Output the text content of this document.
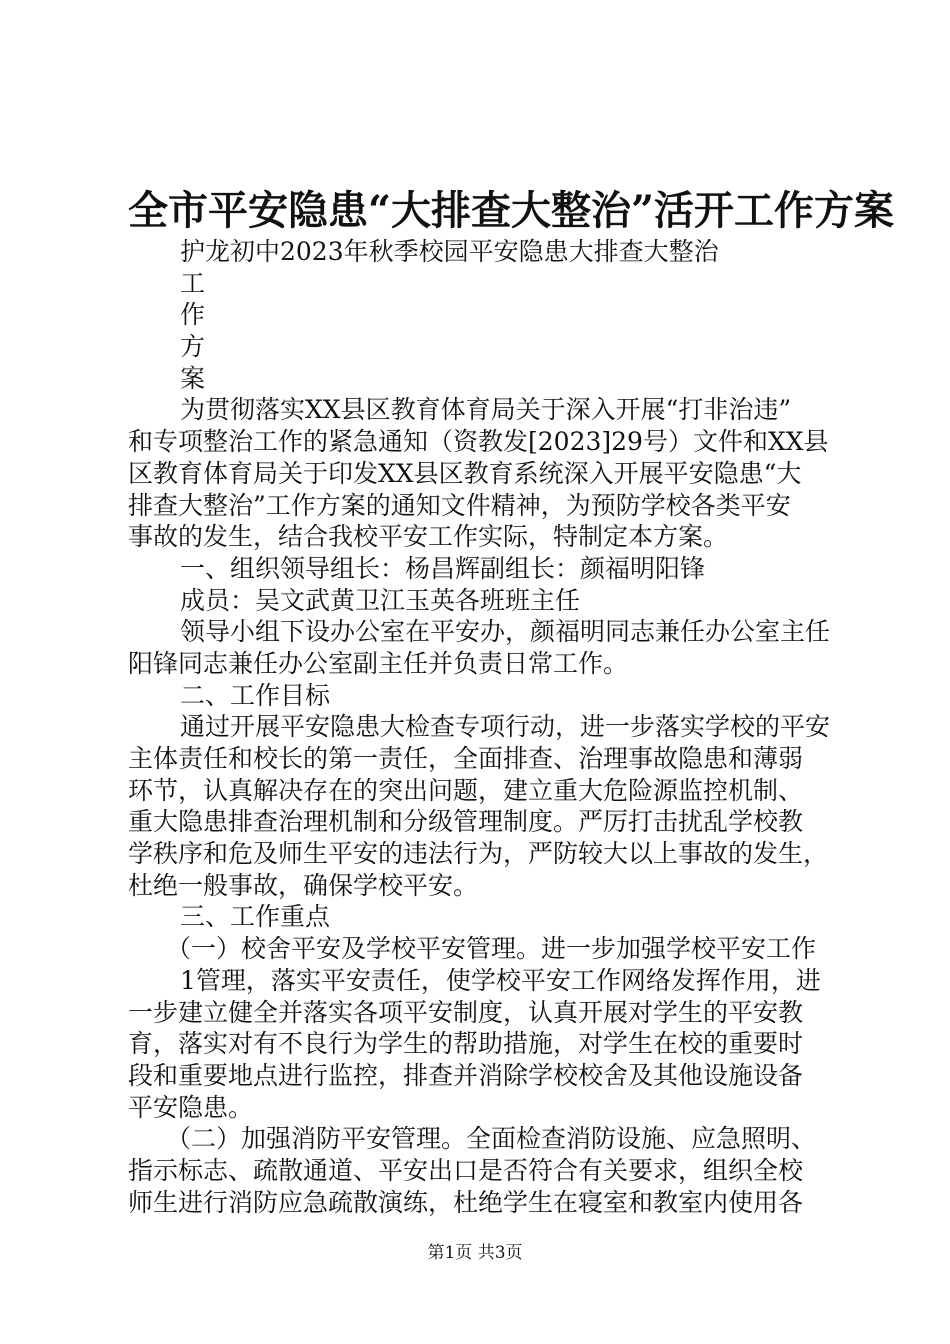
全市平安隐患“大排查大整治”活开工作方案
护龙初中2023年秋季校园平安隐患大排查大整治
工
作
方
案
为贯彻落实XX县区教育体育局关于深入开展“打非治违”
和专项整治工作的紧急通知（资教发[2023]29号）文件和XX县
区教育体育局关于印发XX县区教育系统深入开展平安隐患“大
排查大整治”工作方案的通知文件精神，为预防学校各类平安
事故的发生，结合我校平安工作实际，特制定本方案。
一、组织领导组长：杨昌辉副组长：颜福明阳锋
成员：吴文武黄卫江玉英各班班主任
领导小组下设办公室在平安办，颜福明同志兼任办公室主任
阳锋同志兼任办公室副主任并负责日常工作。
二、工作目标
通过开展平安隐患大检查专项行动，进一步落实学校的平安
主体责任和校长的第一责任，全面排查、治理事故隐患和薄弱
环节，认真解决存在的突出问题，建立重大危险源监控机制、
重大隐患排查治理机制和分级管理制度。严厉打击扰乱学校教
学秩序和危及师生平安的违法行为，严防较大以上事故的发生，
杜绝一般事故，确保学校平安。
三、工作重点
（一）校舍平安及学校平安管理。进一步加强学校平安工作
1管理，落实平安责任，使学校平安工作网络发挥作用，进
一步建立健全并落实各项平安制度，认真开展对学生的平安教
育，落实对有不良行为学生的帮助措施，对学生在校的重要时
段和重要地点进行监控，排查并消除学校校舍及其他设施设备
平安隐患。
（二）加强消防平安管理。全面检查消防设施、应急照明、
指示标志、疏散通道、平安出口是否符合有关要求，组织全校
师生进行消防应急疏散演练，杜绝学生在寝室和教室内使用各
第1页 共3页
